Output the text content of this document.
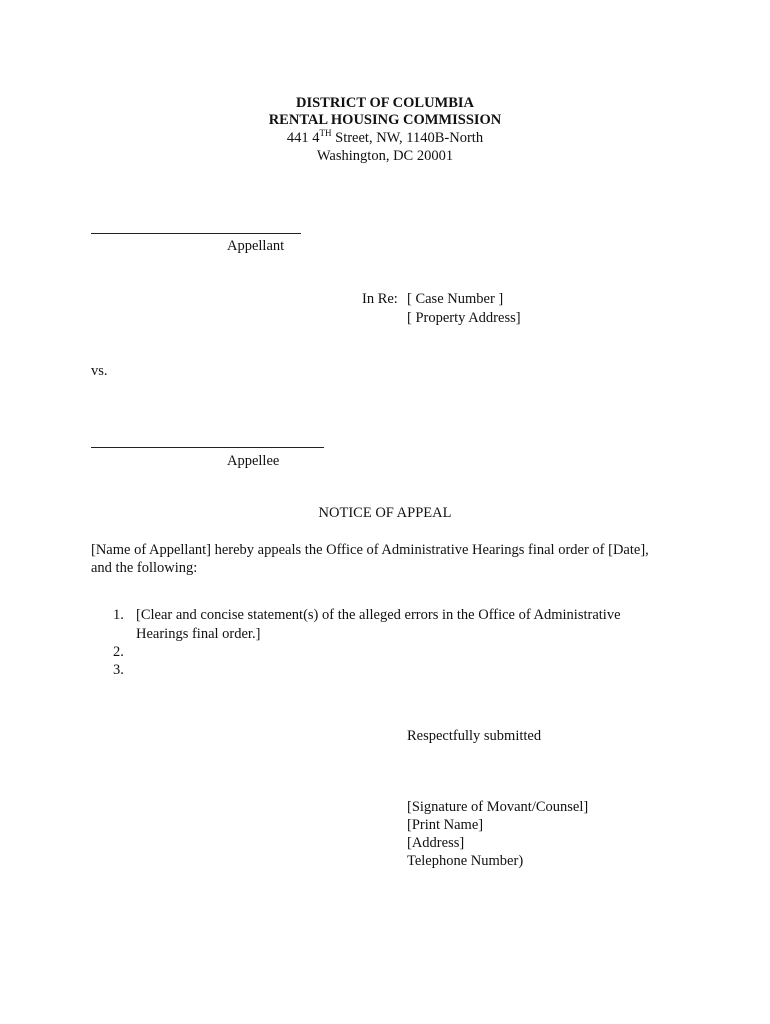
DISTRICT OF COLUMBIA
RENTAL HOUSING COMMISSION
441 4TH Street, NW, 1140B-North
Washington, DC 20001
Appellant
In Re: [ Case Number ]
[ Property Address]
vs.
Appellee
NOTICE OF APPEAL
[Name of Appellant] hereby appeals the Office of Administrative Hearings final order of [Date],
and the following:
1. [Clear and concise statement(s) of the alleged errors in the Office of Administrative
Hearings final order.]
2.
3.
Respectfully submitted
[Signature of Movant/Counsel]
[Print Name]
[Address]
Telephone Number)
